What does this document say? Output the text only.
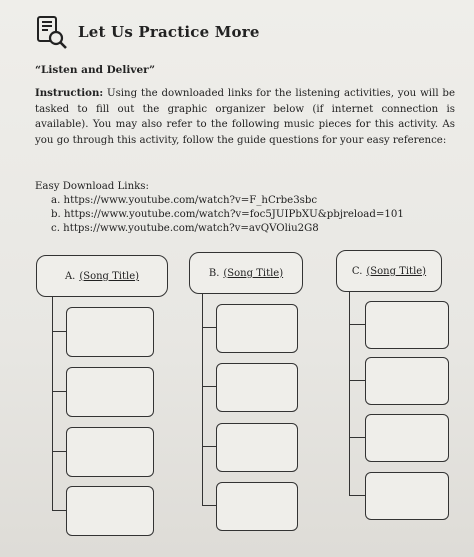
Let Us Practice More
“Listen and Deliver”
Instruction: Using the downloaded links for the listening activities, you will be tasked to fill out the graphic organizer below (if internet connection is available). You may also refer to the following music pieces for this activity. As you go through this activity, follow the guide questions for your easy reference:
Easy Download Links:
a. https://www.youtube.com/watch?v=F_hCrbe3sbc
b. https://www.youtube.com/watch?v=foc5JUIPbXU&pbjreload=101
c. https://www.youtube.com/watch?v=avQVOliu2G8
A. (Song Title)	B. (Song Title)	C. (Song Title)
